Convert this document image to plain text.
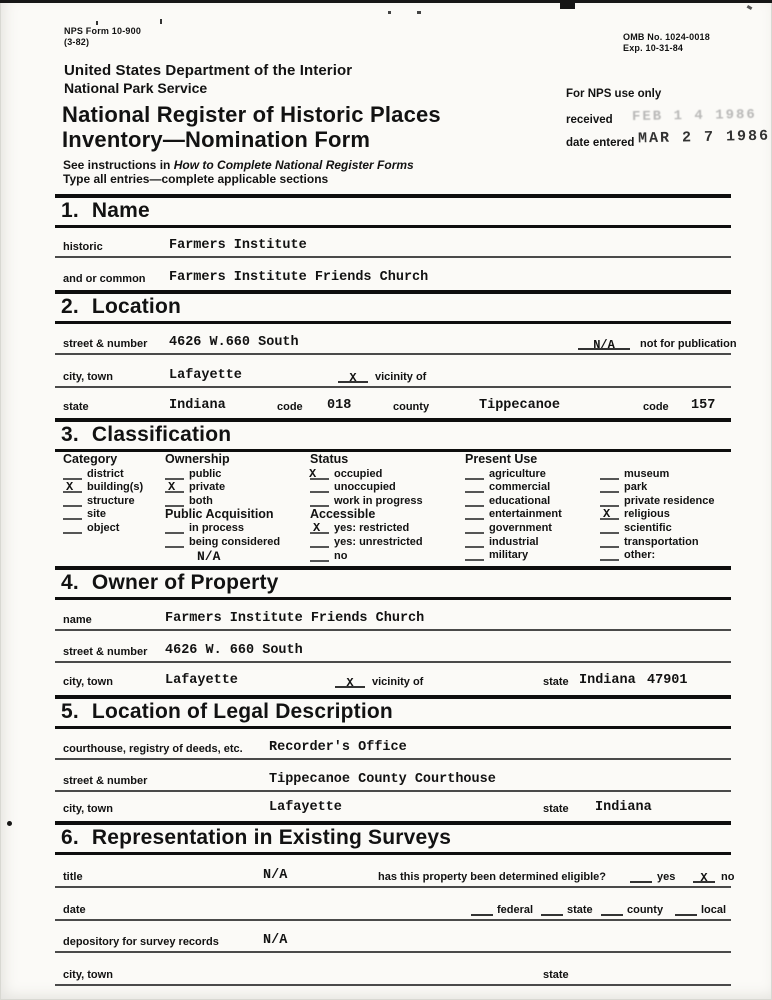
NPS Form 10-900
(3-82)	OMB No. 1024-0018
Exp. 10-31-84
United States Department of the Interior
National Park Service	For NPS use only
National Register of Historic Places
Inventory—Nomination Form
received FEB 1 4 1986
date entered MAR 2 7 1986
See instructions in How to Complete National Register Forms
Type all entries—complete applicable sections
1. Name
historic	Farmers Institute
and or common Farmers Institute Friends Church
2. Location
street & number 4626 W.660 South	N/A	not for publication
city, town	Lafayette	X	vicinity of
state	Indiana	code 018	county	Tippecanoe	code 157
3. Classification
Category
district
X building(s)
structure
site
object
Ownership
public
X private
both
Public Acquisition
in process
being considered
N/A
Status
X occupied
unoccupied
work in progress
Accessible
X yes: restricted
yes: unrestricted
no
Present Use
agriculture
commercial
educational
entertainment
government
industrial
military
museum
park
private residence
X religious
scientific
transportation
other:
4. Owner of Property
name	Farmers Institute Friends Church
street & number 4626 W. 660 South
city, town	Lafayette	X	vicinity of	state Indiana 47901
5. Location of Legal Description
courthouse, registry of deeds, etc. Recorder's Office
street & number	Tippecanoe County Courthouse
city, town	Lafayette	state Indiana
6. Representation in Existing Surveys
title	N/A	has this property been determined eligible?	yes	X	no
date	federal	state	county	local
depository for survey records	N/A
city, town	state
